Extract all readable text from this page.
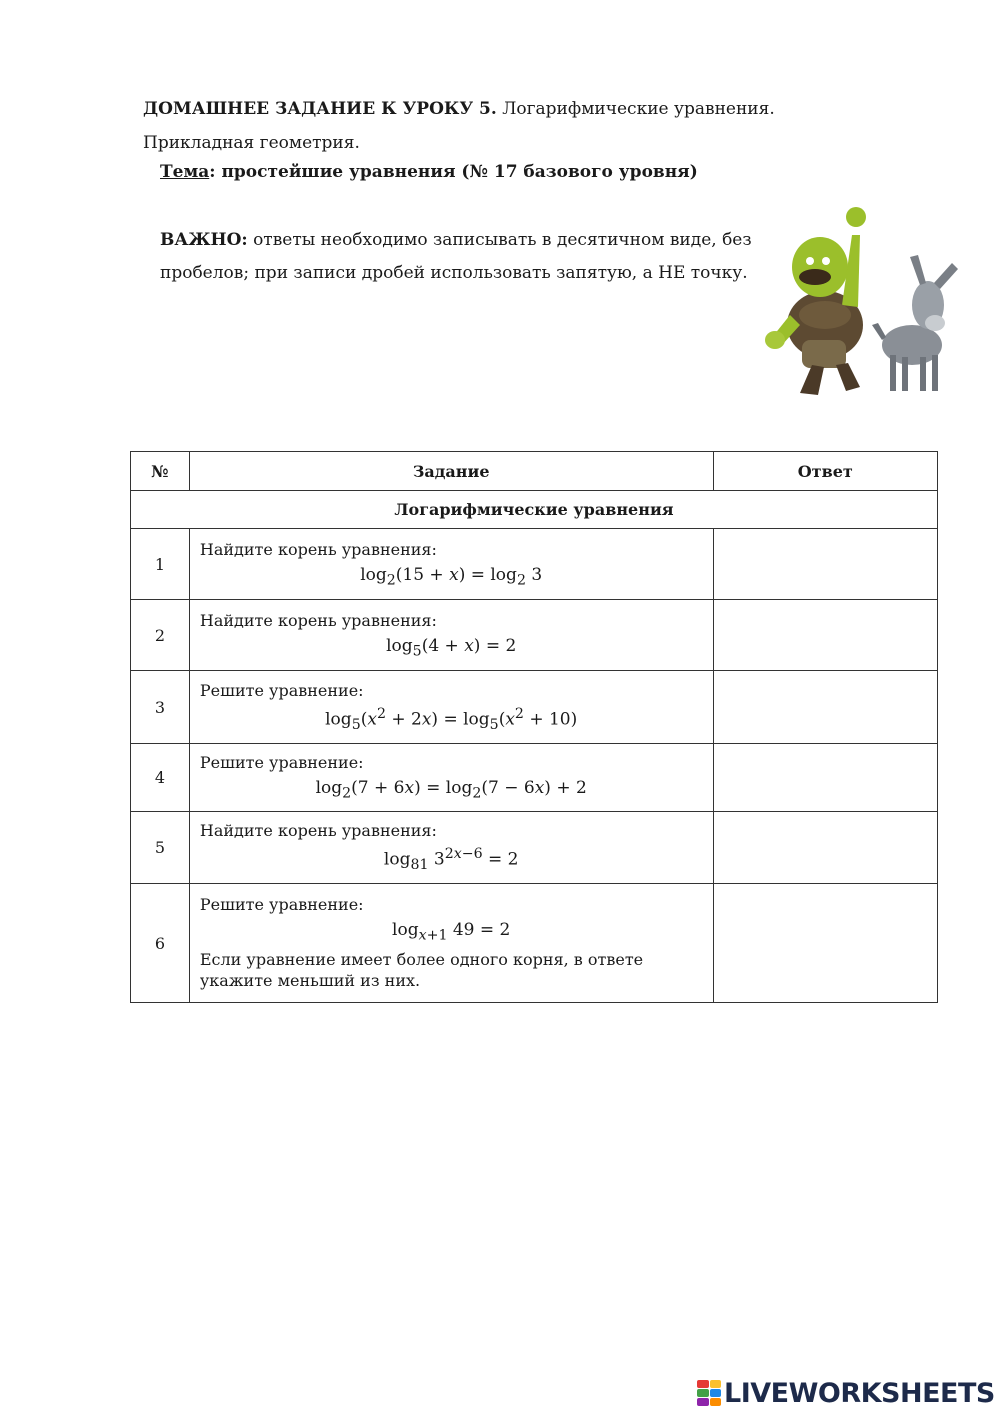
ДОМАШНЕЕ ЗАДАНИЕ К УРОКУ 5. Логарифмические уравнения. Прикладная геометрия.
Тема: простейшие уравнения (№ 17 базового уровня)
ВАЖНО: ответы необходимо записывать в десятичном виде, без пробелов; при записи дробей использовать запятую, а НЕ точку.
№	Задание	Ответ
Логарифмические уравнения		
1	Найдите корень уравнения:
$\log_2(15 + x) = \log_2 3$

2	Найдите корень уравнения:
$\log_5(4 + x) = 2$

3	Решите уравнение:
$\log_5(x^2 + 2x) = \log_5(x^2 + 10)$

4	Решите уравнение:
$\log_2(7 + 6x) = \log_2(7 - 6x) + 2$

5	Найдите корень уравнения:
$\log_{81} 3^{2x-6} = 2$

6	Решите уравнение:
$\log_{x+1} 49 = 2$
Если уравнение имеет более одного корня, в ответе укажите меньший из них.

LIVEWORKSHEETS
